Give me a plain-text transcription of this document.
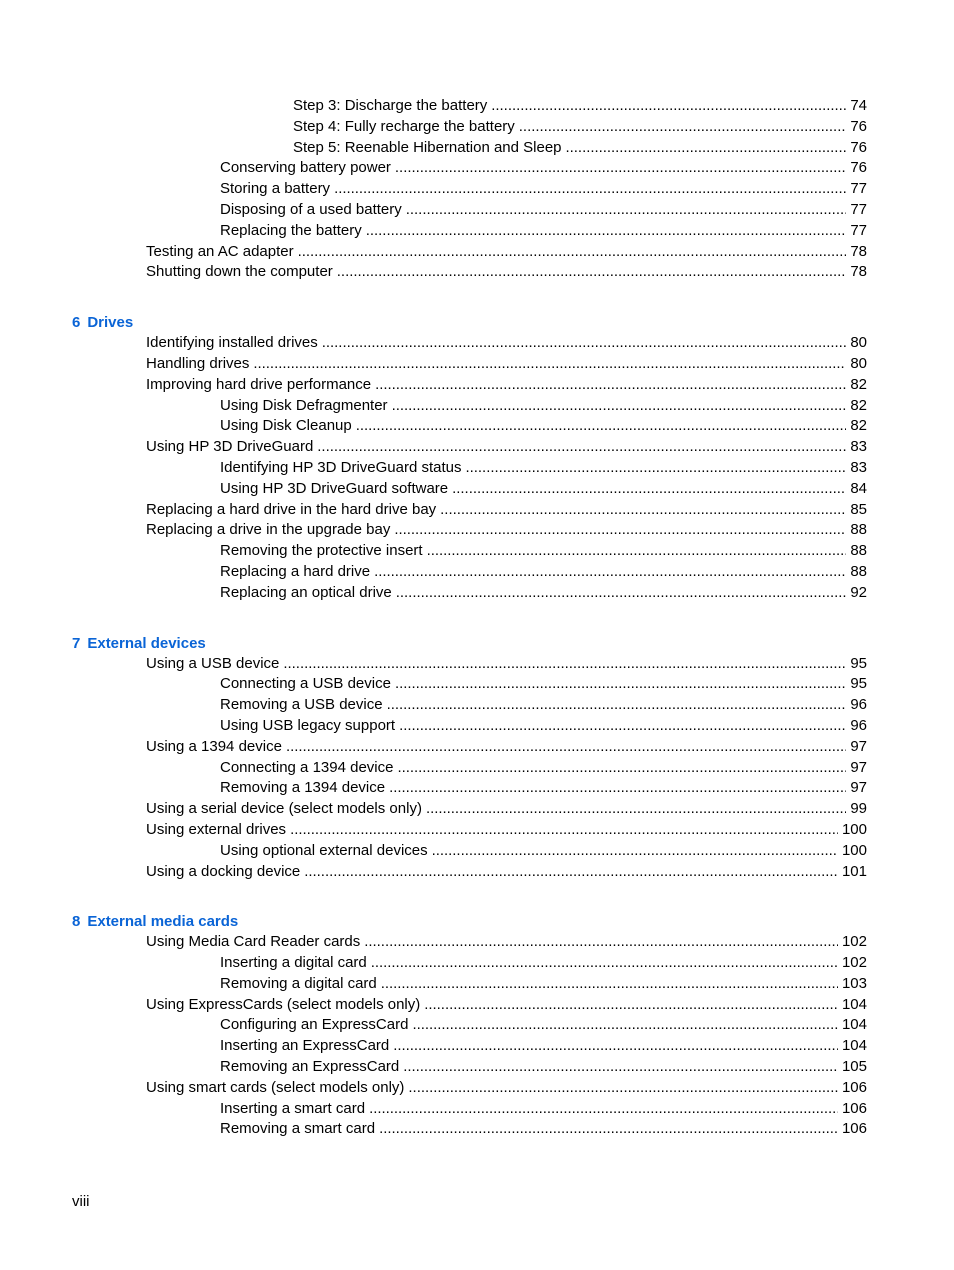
Step 3: Discharge the battery . . .	74
Step 4: Fully recharge the battery . . .	76
Step 5: Reenable Hibernation and Sleep . . .	76
Conserving battery power . . .	76
Storing a battery . . .	77
Disposing of a used battery . . .	77
Replacing the battery . . .	77
Testing an AC adapter . . .	78
Shutting down the computer . . .	78
6 Drives
Identifying installed drives . . .	80
Handling drives . . .	80
Improving hard drive performance . . .	82
Using Disk Defragmenter . . .	82
Using Disk Cleanup . . .	82
Using HP 3D DriveGuard . . .	83
Identifying HP 3D DriveGuard status . . .	83
Using HP 3D DriveGuard software . . .	84
Replacing a hard drive in the hard drive bay . . .	85
Replacing a drive in the upgrade bay . . .	88
Removing the protective insert . . .	88
Replacing a hard drive . . .	88
Replacing an optical drive . . .	92
7 External devices
Using a USB device . . .	95
Connecting a USB device . . .	95
Removing a USB device . . .	96
Using USB legacy support . . .	96
Using a 1394 device . . .	97
Connecting a 1394 device . . .	97
Removing a 1394 device . . .	97
Using a serial device (select models only) . . .	99
Using external drives . . .	100
Using optional external devices . . .	100
Using a docking device . . .	101
8 External media cards
Using Media Card Reader cards . . .	102
Inserting a digital card . . .	102
Removing a digital card . . .	103
Using ExpressCards (select models only) . . .	104
Configuring an ExpressCard . . .	104
Inserting an ExpressCard . . .	104
Removing an ExpressCard . . .	105
Using smart cards (select models only) . . .	106
Inserting a smart card . . .	106
Removing a smart card . . .	106
viii
